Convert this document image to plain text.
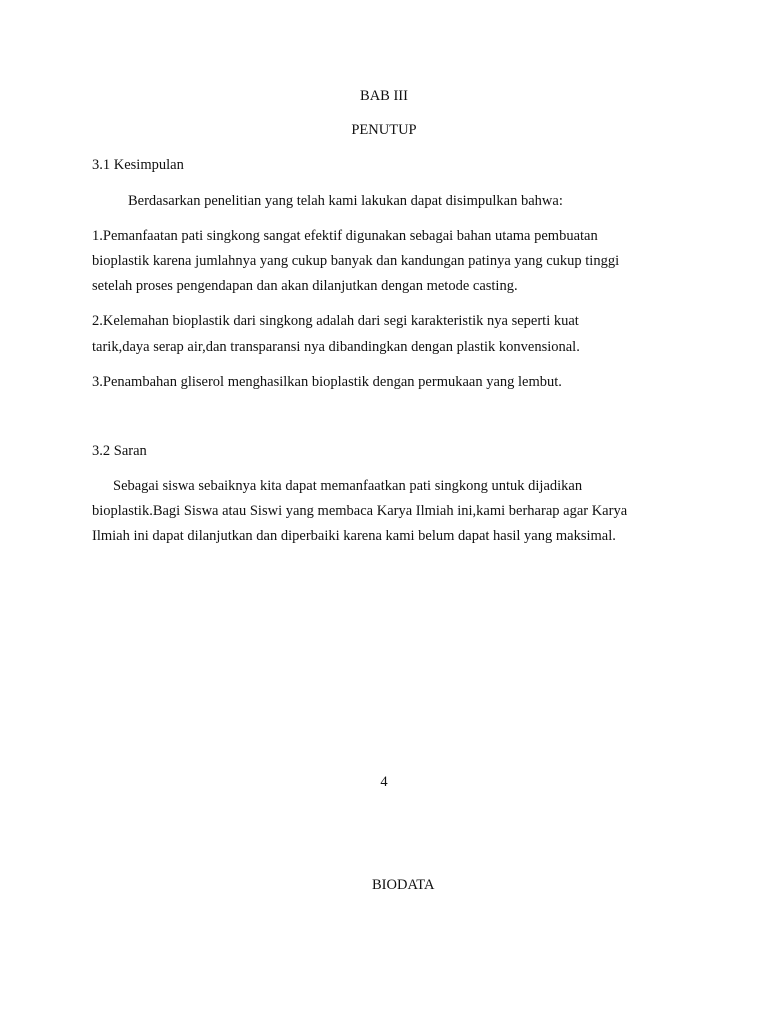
BAB III
PENUTUP
3.1 Kesimpulan
Berdasarkan penelitian yang telah kami lakukan dapat disimpulkan bahwa:
1.Pemanfaatan pati singkong sangat efektif digunakan sebagai bahan utama pembuatan
bioplastik karena jumlahnya yang cukup banyak dan kandungan patinya yang cukup tinggi
setelah proses pengendapan dan akan dilanjutkan dengan metode casting.
2.Kelemahan bioplastik dari singkong adalah dari segi karakteristik nya seperti kuat
tarik,daya serap air,dan transparansi nya dibandingkan dengan plastik konvensional.
3.Penambahan gliserol menghasilkan bioplastik dengan permukaan yang lembut.
3.2 Saran
Sebagai siswa sebaiknya kita dapat memanfaatkan pati singkong untuk dijadikan
bioplastik.Bagi Siswa atau Siswi yang membaca Karya Ilmiah ini,kami berharap agar Karya
Ilmiah ini dapat dilanjutkan dan diperbaiki karena kami belum dapat hasil yang maksimal.
4
BIODATA
